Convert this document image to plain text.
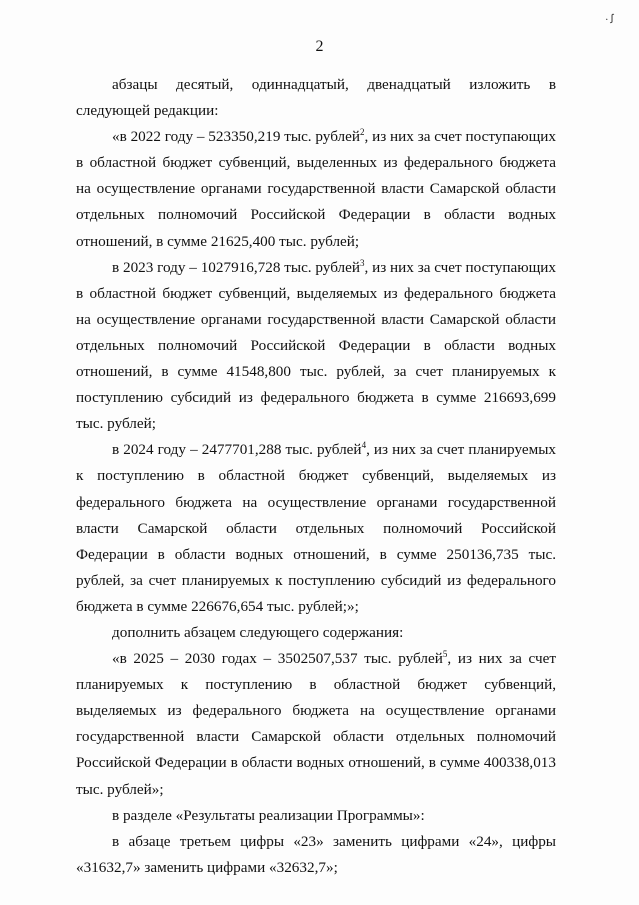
·ꭍ
2

абзацы десятый, одиннадцатый, двенадцатый изложить в следующей редакции:

«в 2022 году – 523350,219 тыс. рублей$^2$, из них за счет поступающих в областной бюджет субвенций, выделенных из федерального бюджета на осуществление органами государственной власти Самарской области отдельных полномочий Российской Федерации в области водных отношений, в сумме 21625,400 тыс. рублей;

в 2023 году – 1027916,728 тыс. рублей$^3$, из них за счет поступающих в областной бюджет субвенций, выделяемых из федерального бюджета на осуществление органами государственной власти Самарской области отдельных полномочий Российской Федерации в области водных отношений, в сумме 41548,800 тыс. рублей, за счет планируемых к поступлению субсидий из федерального бюджета в сумме 216693,699 тыс. рублей;

в 2024 году – 2477701,288 тыс. рублей$^4$, из них за счет планируемых к поступлению в областной бюджет субвенций, выделяемых из федерального бюджета на осуществление органами государственной власти Самарской области отдельных полномочий Российской Федерации в области водных отношений, в сумме 250136,735 тыс. рублей, за счет планируемых к поступлению субсидий из федерального бюджета в сумме 226676,654 тыс. рублей;»;

дополнить абзацем следующего содержания:

«в 2025 – 2030 годах – 3502507,537 тыс. рублей$^5$, из них за счет планируемых к поступлению в областной бюджет субвенций, выделяемых из федерального бюджета на осуществление органами государственной власти Самарской области отдельных полномочий Российской Федерации в области водных отношений, в сумме 400338,013 тыс. рублей»;

в разделе «Результаты реализации Программы»:

в абзаце третьем цифры «23» заменить цифрами «24», цифры «31632,7» заменить цифрами «32632,7»;
